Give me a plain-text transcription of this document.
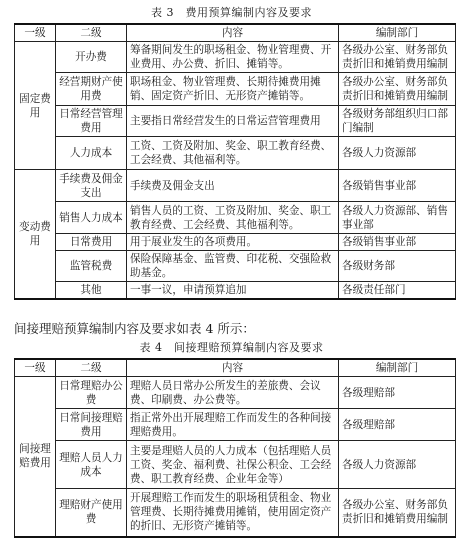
表 3　费用预算编制内容及要求
一级	二级	内容	编制部门
固定费用	开办费	筹备期间发生的职场租金、物业管理费、开业费用、办公费、折旧、摊销等。	各级办公室、财务部负责折旧和摊销费用编制
	经营期财产使用费	职场租金、物业管理费、长期待摊费用摊销、固定资产折旧、无形资产摊销等。	各级办公室、财务部负责折旧和摊销费用编制
	日常经营管理费用	主要指日常经营发生的日常运营管理费用	各级财务部组织归口部门编制
	人力成本	工资、工资及附加、奖金、职工教育经费、工会经费、其他福利等。	各级人力资源部
变动费用	手续费及佣金支出	手续费及佣金支出	各级销售事业部
	销售人力成本	销售人员的工资、工资及附加、奖金、职工教育经费、工会经费、其他福利等。	各级人力资源部、销售事业部
	日常费用	用于展业发生的各项费用。	各级销售事业部
	监管税费	保险保障基金、监管费、印花税、交强险救助基金。	各级财务部
	其他	一事一议，申请预算追加	各级责任部门
间接理赔预算编制内容及要求如表 4 所示：
表 4　间接理赔预算编制内容及要求
一级	二级	内容	编制部门
间接理赔费用	日常理赔办公费	理赔人员日常办公所发生的差旅费、会议费、印刷费、办公费等。	各级理赔部
	日常间接理赔费用	指正常外出开展理赔工作而发生的各种间接理赔费用。	各级理赔部
	理赔人员人力成本	主要是理赔人员的人力成本（包括理赔人员工资、奖金、福利费、社保公积金、工会经费、职工教育经费、企业年金等）	各级人力资源部
	理赔财产使用费	开展理赔工作而发生的职场租赁租金、物业管理费、长期待摊费用摊销，使用固定资产的折旧、无形资产摊销等。	各级办公室、财务部负责折旧和摊销费用编制
